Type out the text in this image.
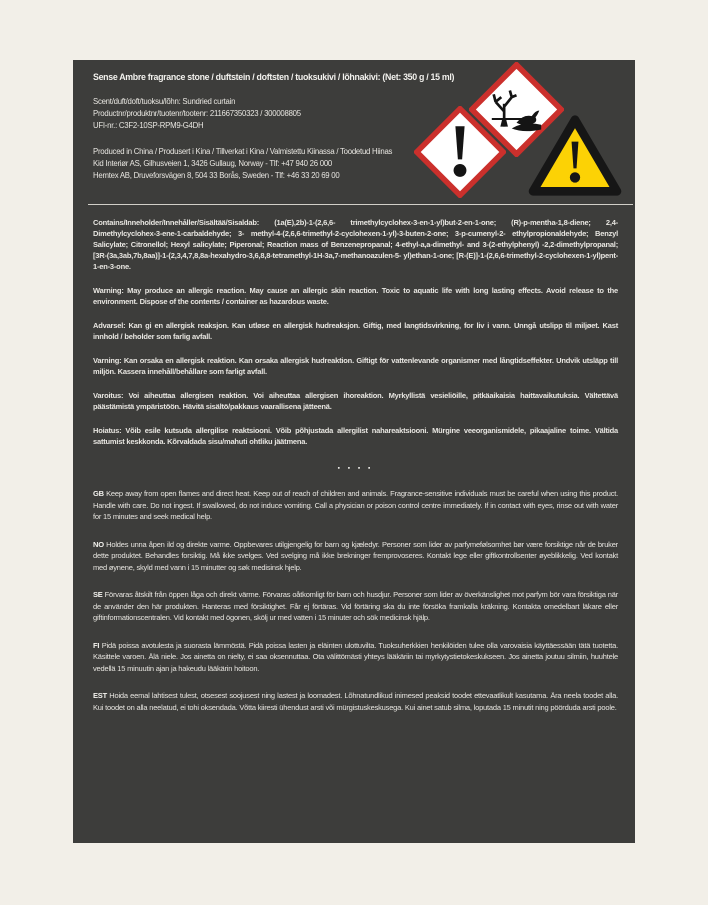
Sense Ambre fragrance stone / duftstein / doftsten / tuoksukivi / lõhnakivi: (Net: 350 g / 15 ml)

Scent/duft/doft/tuoksu/lõhn: Sundried curtain

Productnr/produktnr/tuotenr/tootenr: 211667350323 / 300008805

UFI-nr.: C3F2-10SP-RPM9-G4DH

Produced in China / Produsert i Kina / Tillverkat i Kina / Valmistettu Kiinassa / Toodetud Hiinas

Kid Interiør AS, Gilhusveien 1, 3426 Gullaug, Norway - Tlf: +47 940 26 000

Hemtex AB, Druveforsvägen 8, 504 33 Borås, Sweden - Tlf: +46 33 20 69 00

Contains/Inneholder/Innehåller/Sisältää/Sisaldab: (1a(E),2b)-1-(2,6,6- trimethylcyclohex-3-en-1-yl)but-2-en-1-one; (R)-p-mentha-1,8-diene; 2,4-Dimethylcyclohex-3-ene-1-carbaldehyde; 3- methyl-4-(2,6,6-trimethyl-2-cyclohexen-1-yl)-3-buten-2-one; 3-p-cumenyl-2- ethylpropionaldehyde; Benzyl Salicylate; Citronellol; Hexyl salicylate; Piperonal; Reaction mass of Benzenepropanal; 4-ethyl-a,a-dimethyl- and 3-(2-ethylphenyl) -2,2-dimethylpropanal; [3R-(3a,3ab,7b,8aa)]-1-(2,3,4,7,8,8a-hexahydro-3,6,8,8-tetramethyl-1H-3a,7-methanoazulen-5- yl)ethan-1-one; [R-(E)]-1-(2,6,6-trimethyl-2-cyclohexen-1-yl)pent-1-en-3-one.

Warning: May produce an allergic reaction. May cause an allergic skin reaction. Toxic to aquatic life with long lasting effects. Avoid release to the environment. Dispose of the contents / container as hazardous waste.

Advarsel: Kan gi en allergisk reaksjon. Kan utløse en allergisk hudreaksjon. Giftig, med langtidsvirkning, for liv i vann. Unngå utslipp til miljøet. Kast innhold / beholder som farlig avfall.

Varning: Kan orsaka en allergisk reaktion. Kan orsaka allergisk hudreaktion. Giftigt för vattenlevande organismer med långtidseffekter. Undvik utsläpp till miljön. Kassera innehåll/behållare som farligt avfall.

Varoitus: Voi aiheuttaa allergisen reaktion. Voi aiheuttaa allergisen ihoreaktion. Myrkyllistä vesieliöille, pitkäaikaisia haittavaikutuksia. Vältettävä päästämistä ympäristöön. Hävitä sisältö/pakkaus vaarallisena jätteenä.

Hoiatus: Võib esile kutsuda allergilise reaktsiooni. Võib põhjustada allergilist nahareaktsiooni. Mürgine veeorganismidele, pikaajaline toime. Vältida sattumist keskkonda. Kõrvaldada sisu/mahuti ohtliku jäätmena.

▪ ▪ ▪ ▪

GB Keep away from open flames and direct heat. Keep out of reach of children and animals. Fragrance-sensitive individuals must be careful when using this product. Handle with care. Do not ingest. If swallowed, do not induce vomiting. Call a physician or poison control centre immediately. If in contact with eyes, rinse out with water for 15 minutes and seek medical help.

NO Holdes unna åpen ild og direkte varme. Oppbevares utilgjengelig for barn og kjæledyr. Personer som lider av parfymefølsomhet bør være forsiktige når de bruker dette produktet. Behandles forsiktig. Må ikke svelges. Ved svelging må ikke brekninger fremprovoseres. Kontakt lege eller giftkontrollsenter øyeblikkelig. Ved kontakt med øynene, skyld med vann i 15 minutter og søk medisinsk hjelp.

SE Förvaras åtskilt från öppen låga och direkt värme. Förvaras oåtkomligt för barn och husdjur. Personer som lider av överkänslighet mot parfym bör vara försiktiga när de använder den här produkten. Hanteras med försiktighet. Får ej förtäras. Vid förtäring ska du inte försöka framkalla kräkning. Kontakta omedelbart läkare eller giftinformationscentralen. Vid kontakt med ögonen, skölj ur med vatten i 15 minuter och sök medicinsk hjälp.

FI Pidä poissa avotulesta ja suorasta lämmöstä. Pidä poissa lasten ja eläinten ulottuvilta. Tuoksuherkkien henkilöiden tulee olla varovaisia käyttäessään tätä tuotetta. Käsittele varoen. Älä niele. Jos ainetta on nielty, ei saa oksennuttaa. Ota välittömästi yhteys lääkäriin tai myrkytystietokeskukseen. Jos ainetta joutuu silmiin, huuhtele vedellä 15 minuutin ajan ja hakeudu lääkärin hoitoon.

EST Hoida eemal lahtisest tulest, otsesest soojusest ning lastest ja loomadest. Lõhnatundlikud inimesed peaksid toodet ettevaatlikult kasutama. Ära neela toodet alla. Kui toodet on alla neelatud, ei tohi oksendada. Võtta kiiresti ühendust arsti või mürgistuskeskusega. Kui ainet satub silma, loputada 15 minutit ning pöörduda arsti poole.
